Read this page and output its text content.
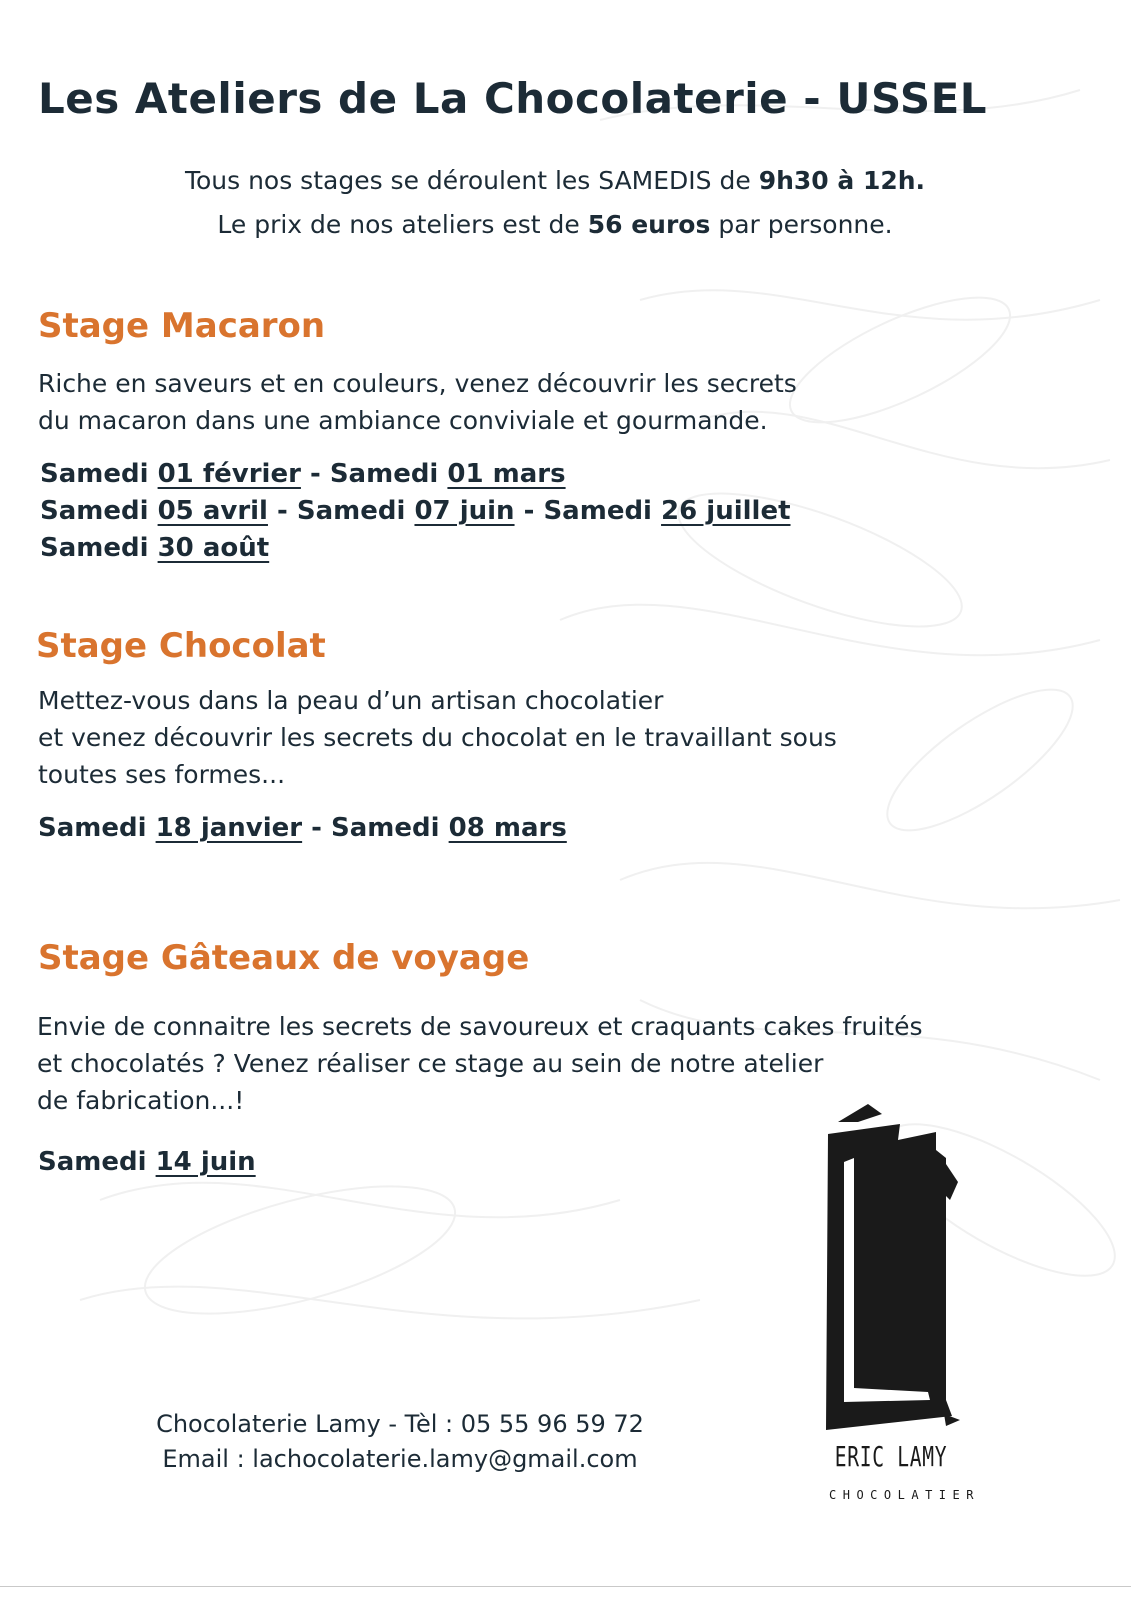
Les Ateliers de La Chocolaterie - USSEL
Tous nos stages se déroulent les SAMEDIS de 9h30 à 12h.
Le prix de nos ateliers est de 56 euros par personne.
Stage Macaron
Riche en saveurs et en couleurs, venez découvrir les secrets
du macaron dans une ambiance conviviale et gourmande.
Samedi 01 février - Samedi 01 mars
Samedi 05 avril - Samedi 07 juin - Samedi 26 juillet
Samedi 30 août
Stage Chocolat
Mettez-vous dans la peau d’un artisan chocolatier
et venez découvrir les secrets du chocolat en le travaillant sous
toutes ses formes...
Samedi 18 janvier - Samedi 08 mars
Stage Gâteaux de voyage
Envie de connaitre les secrets de savoureux et craquants cakes fruités
et chocolatés ? Venez réaliser ce stage au sein de notre atelier
de fabrication...!
Samedi 14 juin
Chocolaterie Lamy - Tèl : 05 55 96 59 72
Email : lachocolaterie.lamy@gmail.com	ERIC LAMY
CHOCOLATIER
